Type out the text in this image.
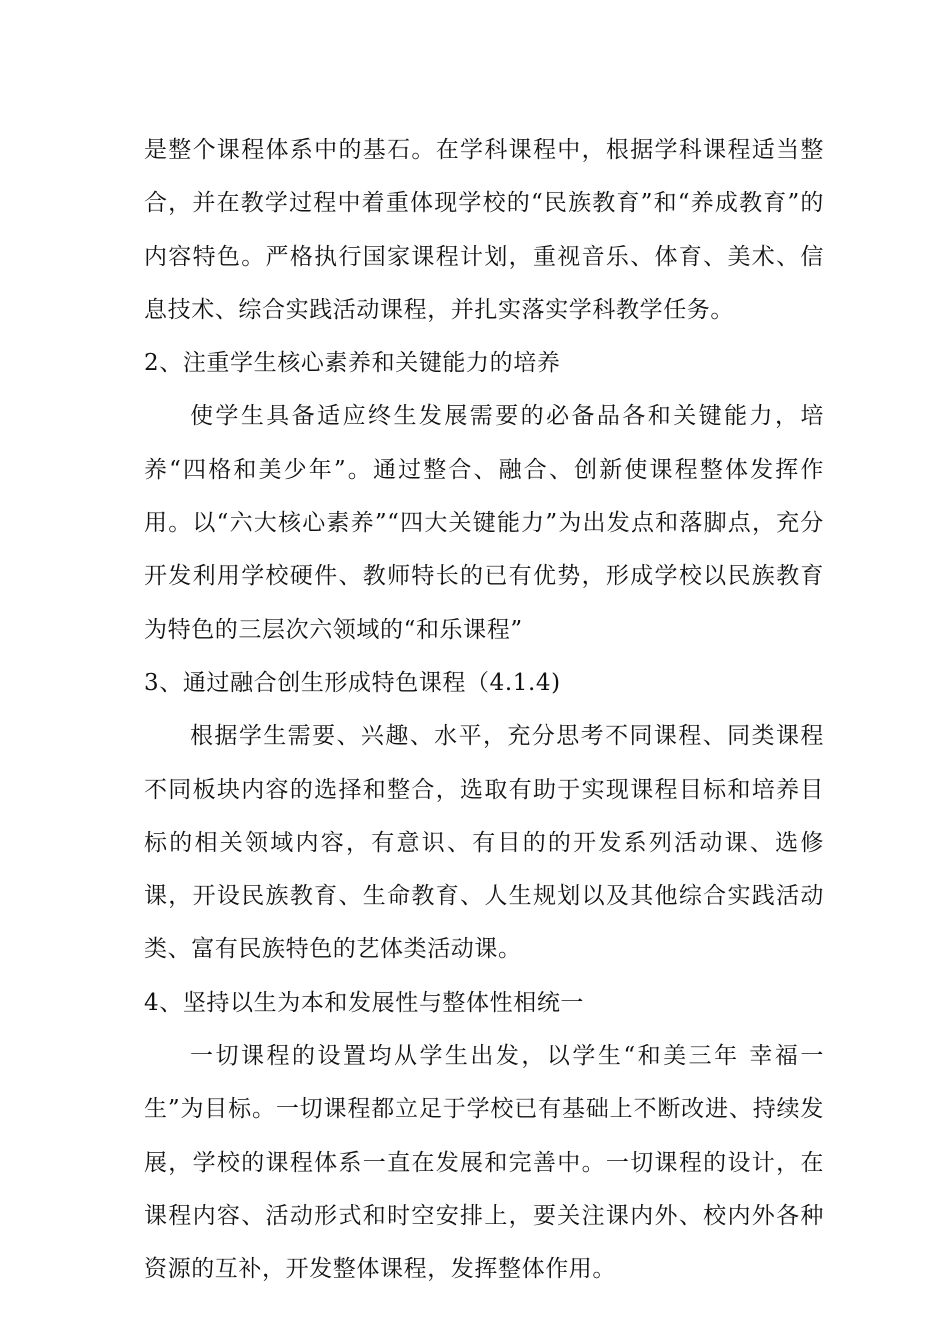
是整个课程体系中的基石。在学科课程中，根据学科课程适当整合，并在教学过程中着重体现学校的“民族教育”和“养成教育”的内容特色。严格执行国家课程计划，重视音乐、体育、美术、信息技术、综合实践活动课程，并扎实落实学科教学任务。

2、注重学生核心素养和关键能力的培养

使学生具备适应终生发展需要的必备品各和关键能力，培养“四格和美少年”。通过整合、融合、创新使课程整体发挥作用。以“六大核心素养”“四大关键能力”为出发点和落脚点，充分开发利用学校硬件、教师特长的已有优势，形成学校以民族教育为特色的三层次六领域的“和乐课程”

3、通过融合创生形成特色课程（4.1.4)

根据学生需要、兴趣、水平，充分思考不同课程、同类课程不同板块内容的选择和整合，选取有助于实现课程目标和培养目标的相关领域内容，有意识、有目的的开发系列活动课、选修课，开设民族教育、生命教育、人生规划以及其他综合实践活动类、富有民族特色的艺体类活动课。

4、坚持以生为本和发展性与整体性相统一

一切课程的设置均从学生出发，以学生“和美三年 幸福一生”为目标。一切课程都立足于学校已有基础上不断改进、持续发展，学校的课程体系一直在发展和完善中。一切课程的设计，在课程内容、活动形式和时空安排上，要关注课内外、校内外各种资源的互补，开发整体课程，发挥整体作用。
